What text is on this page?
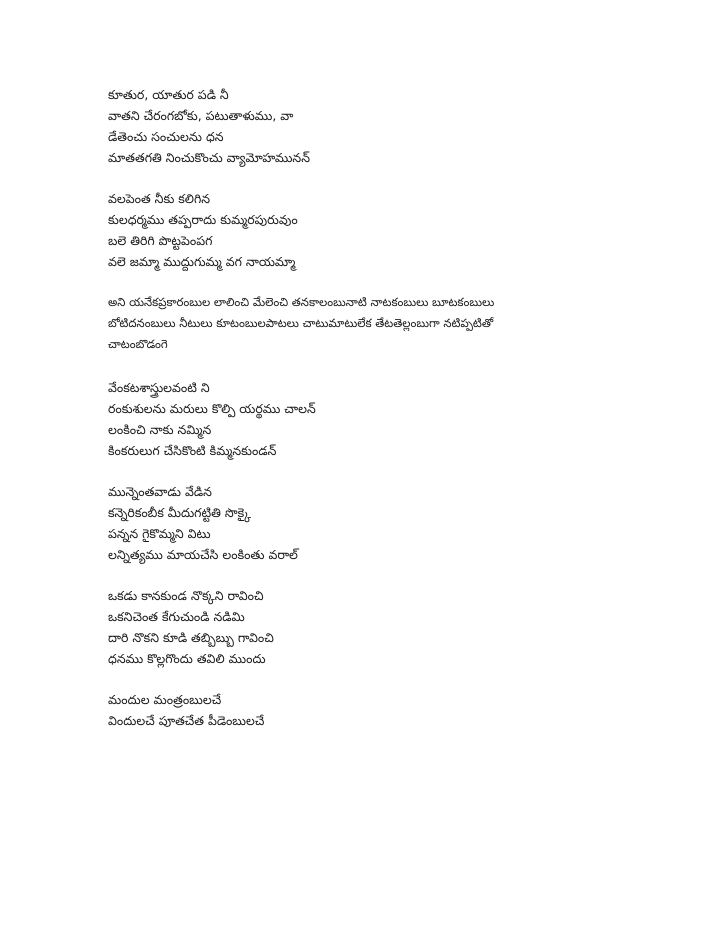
కూతుర, యాతుర పడి నీ
వాతని చేరంగబోకు, పటుతాళుము, వా
డేతెంచు సంచులను ధన
మాతతగతి నించుకొంచు వ్యామోహమునన్
వలపెంత నీకు కలిగిన
కులధర్మము తప్పరాదు కుమ్మరపురువుం
బలె తిరిగి పొట్టపెంపగ
వలె జమ్మా ముద్దుగుమ్మ వగ నాయమ్మా
అని యనేకప్రకారంబుల లాలించి మేలెంచి తనకాలంబునాటి నాటకంబులు బూటకంబులు
బోటిదనంబులు నీటులు కూటంబులపాటలు చాటుమాటులేక తేటతెల్లంబుగా నటిప్పటితో
చాటంబొడంగె
వేంకటశాస్త్రులవంటి ని
రంకుశులను మరులు కొల్పి యర్థము చాలన్
లంకించి నాకు నమ్మిన
కింకరులుగ చేసికొంటి కిమ్మనకుండన్
మున్నెంతవాడు వేడిన
కన్నెరికంబీక మీదుగట్టితి సొక్కై
పన్నన గైకొమ్మని విటు
లన్నిత్యము మాయచేసి లంకింతు వరాల్
ఒకడు కానకుండ నొక్కని రావించి
ఒకనిచెంత కేగుచుండి నడిమి
దారి నొకని కూడి తబ్బిబ్బు గావించి
ధనము కొల్లగొందు తవిలి ముందు
మందుల మంత్రంబులచే
విందులచే పూతచేత పీడెంబులచే
